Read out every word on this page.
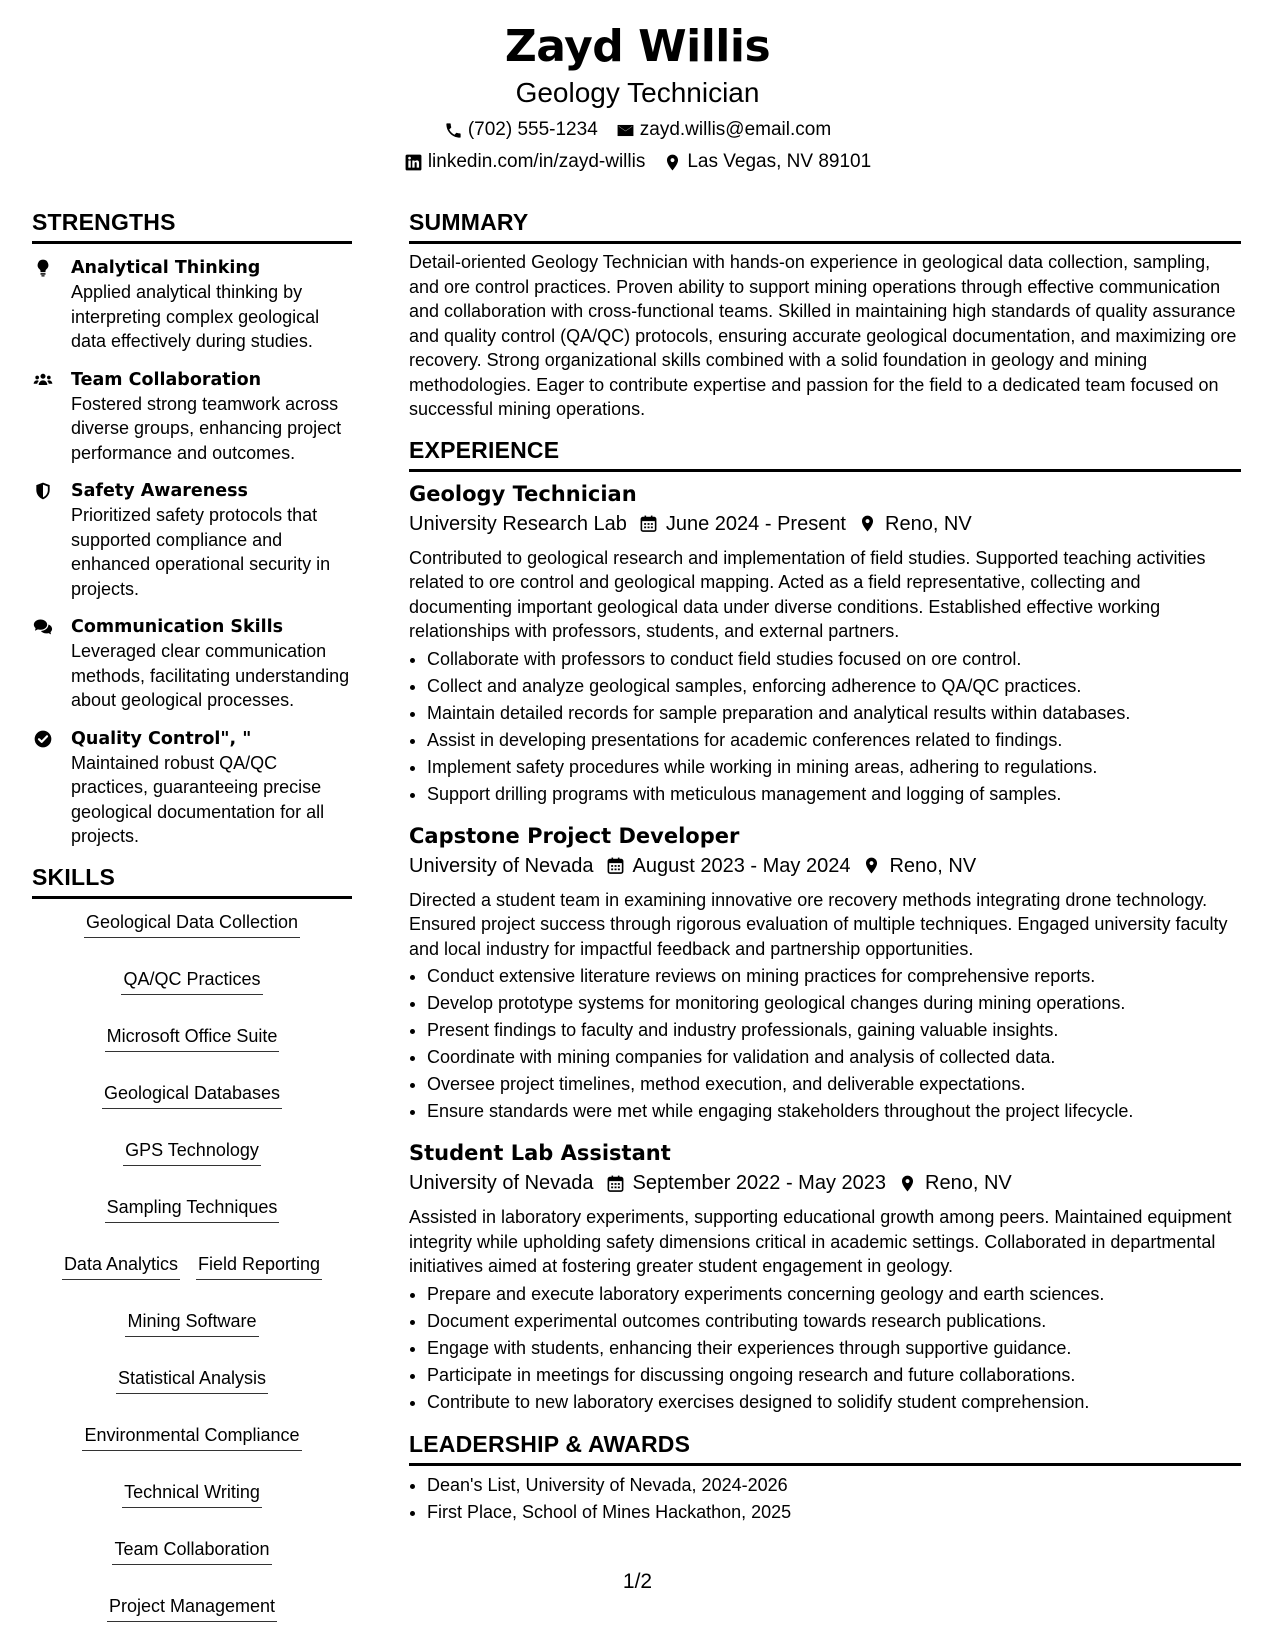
Zayd Willis
Geology Technician
(702) 555-1234 zayd.willis@email.com
linkedin.com/in/zayd-willis Las Vegas, NV 89101
STRENGTHS
Analytical Thinking
Applied analytical thinking by interpreting complex geological data effectively during studies.
Team Collaboration
Fostered strong teamwork across diverse groups, enhancing project performance and outcomes.
Safety Awareness
Prioritized safety protocols that supported compliance and enhanced operational security in projects.
Communication Skills
Leveraged clear communication methods, facilitating understanding about geological processes.
Quality Control", "
Maintained robust QA/QC practices, guaranteeing precise geological documentation for all projects.
SKILLS
Geological Data Collection
QA/QC Practices
Microsoft Office Suite
Geological Databases
GPS Technology
Sampling Techniques
Data Analytics Field Reporting
Mining Software
Statistical Analysis
Environmental Compliance
Technical Writing
Team Collaboration
Project Management
SUMMARY
Detail-oriented Geology Technician with hands-on experience in geological data collection, sampling, and ore control practices. Proven ability to support mining operations through effective communication and collaboration with cross-functional teams. Skilled in maintaining high standards of quality assurance and quality control (QA/QC) protocols, ensuring accurate geological documentation, and maximizing ore recovery. Strong organizational skills combined with a solid foundation in geology and mining methodologies. Eager to contribute expertise and passion for the field to a dedicated team focused on successful mining operations.
EXPERIENCE
Geology Technician
University Research Lab June 2024 - Present Reno, NV
Contributed to geological research and implementation of field studies. Supported teaching activities related to ore control and geological mapping. Acted as a field representative, collecting and documenting important geological data under diverse conditions. Established effective working relationships with professors, students, and external partners.
• Collaborate with professors to conduct field studies focused on ore control.
• Collect and analyze geological samples, enforcing adherence to QA/QC practices.
• Maintain detailed records for sample preparation and analytical results within databases.
• Assist in developing presentations for academic conferences related to findings.
• Implement safety procedures while working in mining areas, adhering to regulations.
• Support drilling programs with meticulous management and logging of samples.
Capstone Project Developer
University of Nevada August 2023 - May 2024 Reno, NV
Directed a student team in examining innovative ore recovery methods integrating drone technology. Ensured project success through rigorous evaluation of multiple techniques. Engaged university faculty and local industry for impactful feedback and partnership opportunities.
• Conduct extensive literature reviews on mining practices for comprehensive reports.
• Develop prototype systems for monitoring geological changes during mining operations.
• Present findings to faculty and industry professionals, gaining valuable insights.
• Coordinate with mining companies for validation and analysis of collected data.
• Oversee project timelines, method execution, and deliverable expectations.
• Ensure standards were met while engaging stakeholders throughout the project lifecycle.
Student Lab Assistant
University of Nevada September 2022 - May 2023 Reno, NV
Assisted in laboratory experiments, supporting educational growth among peers. Maintained equipment integrity while upholding safety dimensions critical in academic settings. Collaborated in departmental initiatives aimed at fostering greater student engagement in geology.
• Prepare and execute laboratory experiments concerning geology and earth sciences.
• Document experimental outcomes contributing towards research publications.
• Engage with students, enhancing their experiences through supportive guidance.
• Participate in meetings for discussing ongoing research and future collaborations.
• Contribute to new laboratory exercises designed to solidify student comprehension.
LEADERSHIP & AWARDS
• Dean's List, University of Nevada, 2024-2026
• First Place, School of Mines Hackathon, 2025
1/2
